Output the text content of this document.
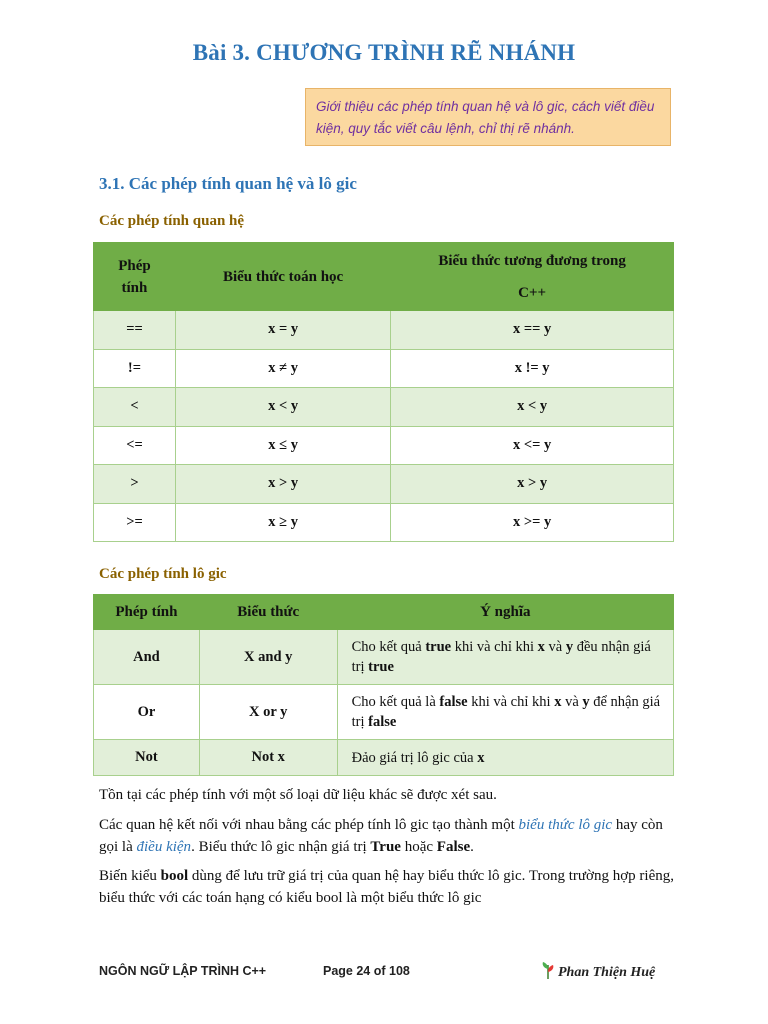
Bài 3. CHƯƠNG TRÌNH RẼ NHÁNH
Giới thiệu các phép tính quan hệ và lô gic, cách viết điều kiện, quy tắc viết câu lệnh, chỉ thị rẽ nhánh.
3.1. Các phép tính quan hệ và lô gic
Các phép tính quan hệ
Phép tính	Biểu thức toán học	Biểu thức tương đương trong C++
==	x = y	x == y
!=	x ≠ y	x != y
<	x < y	x < y
<=	x ≤ y	x <= y
>	x > y	x > y
>=	x ≥ y	x >= y
Các phép tính lô gic
Phép tính	Biểu thức	Ý nghĩa
And	X and y	Cho kết quả true khi và chỉ khi x và y đều nhận giá trị true
Or	X or y	Cho kết quả là false khi và chỉ khi x và y để nhận giá trị false
Not	Not x	Đảo giá trị lô gic của x
Tồn tại các phép tính với một số loại dữ liệu khác sẽ được xét sau.
Các quan hệ kết nối với nhau bằng các phép tính lô gic tạo thành một biểu thức lô gic hay còn gọi là điều kiện. Biểu thức lô gic nhận giá trị True hoặc False.
Biến kiểu bool dùng để lưu trữ giá trị của quan hệ hay biểu thức lô gic. Trong trường hợp riêng, biểu thức với các toán hạng có kiểu bool là một biểu thức lô gic
NGÔN NGỮ LẬP TRÌNH C++	Page 24 of 108	Phan Thiện Huệ
